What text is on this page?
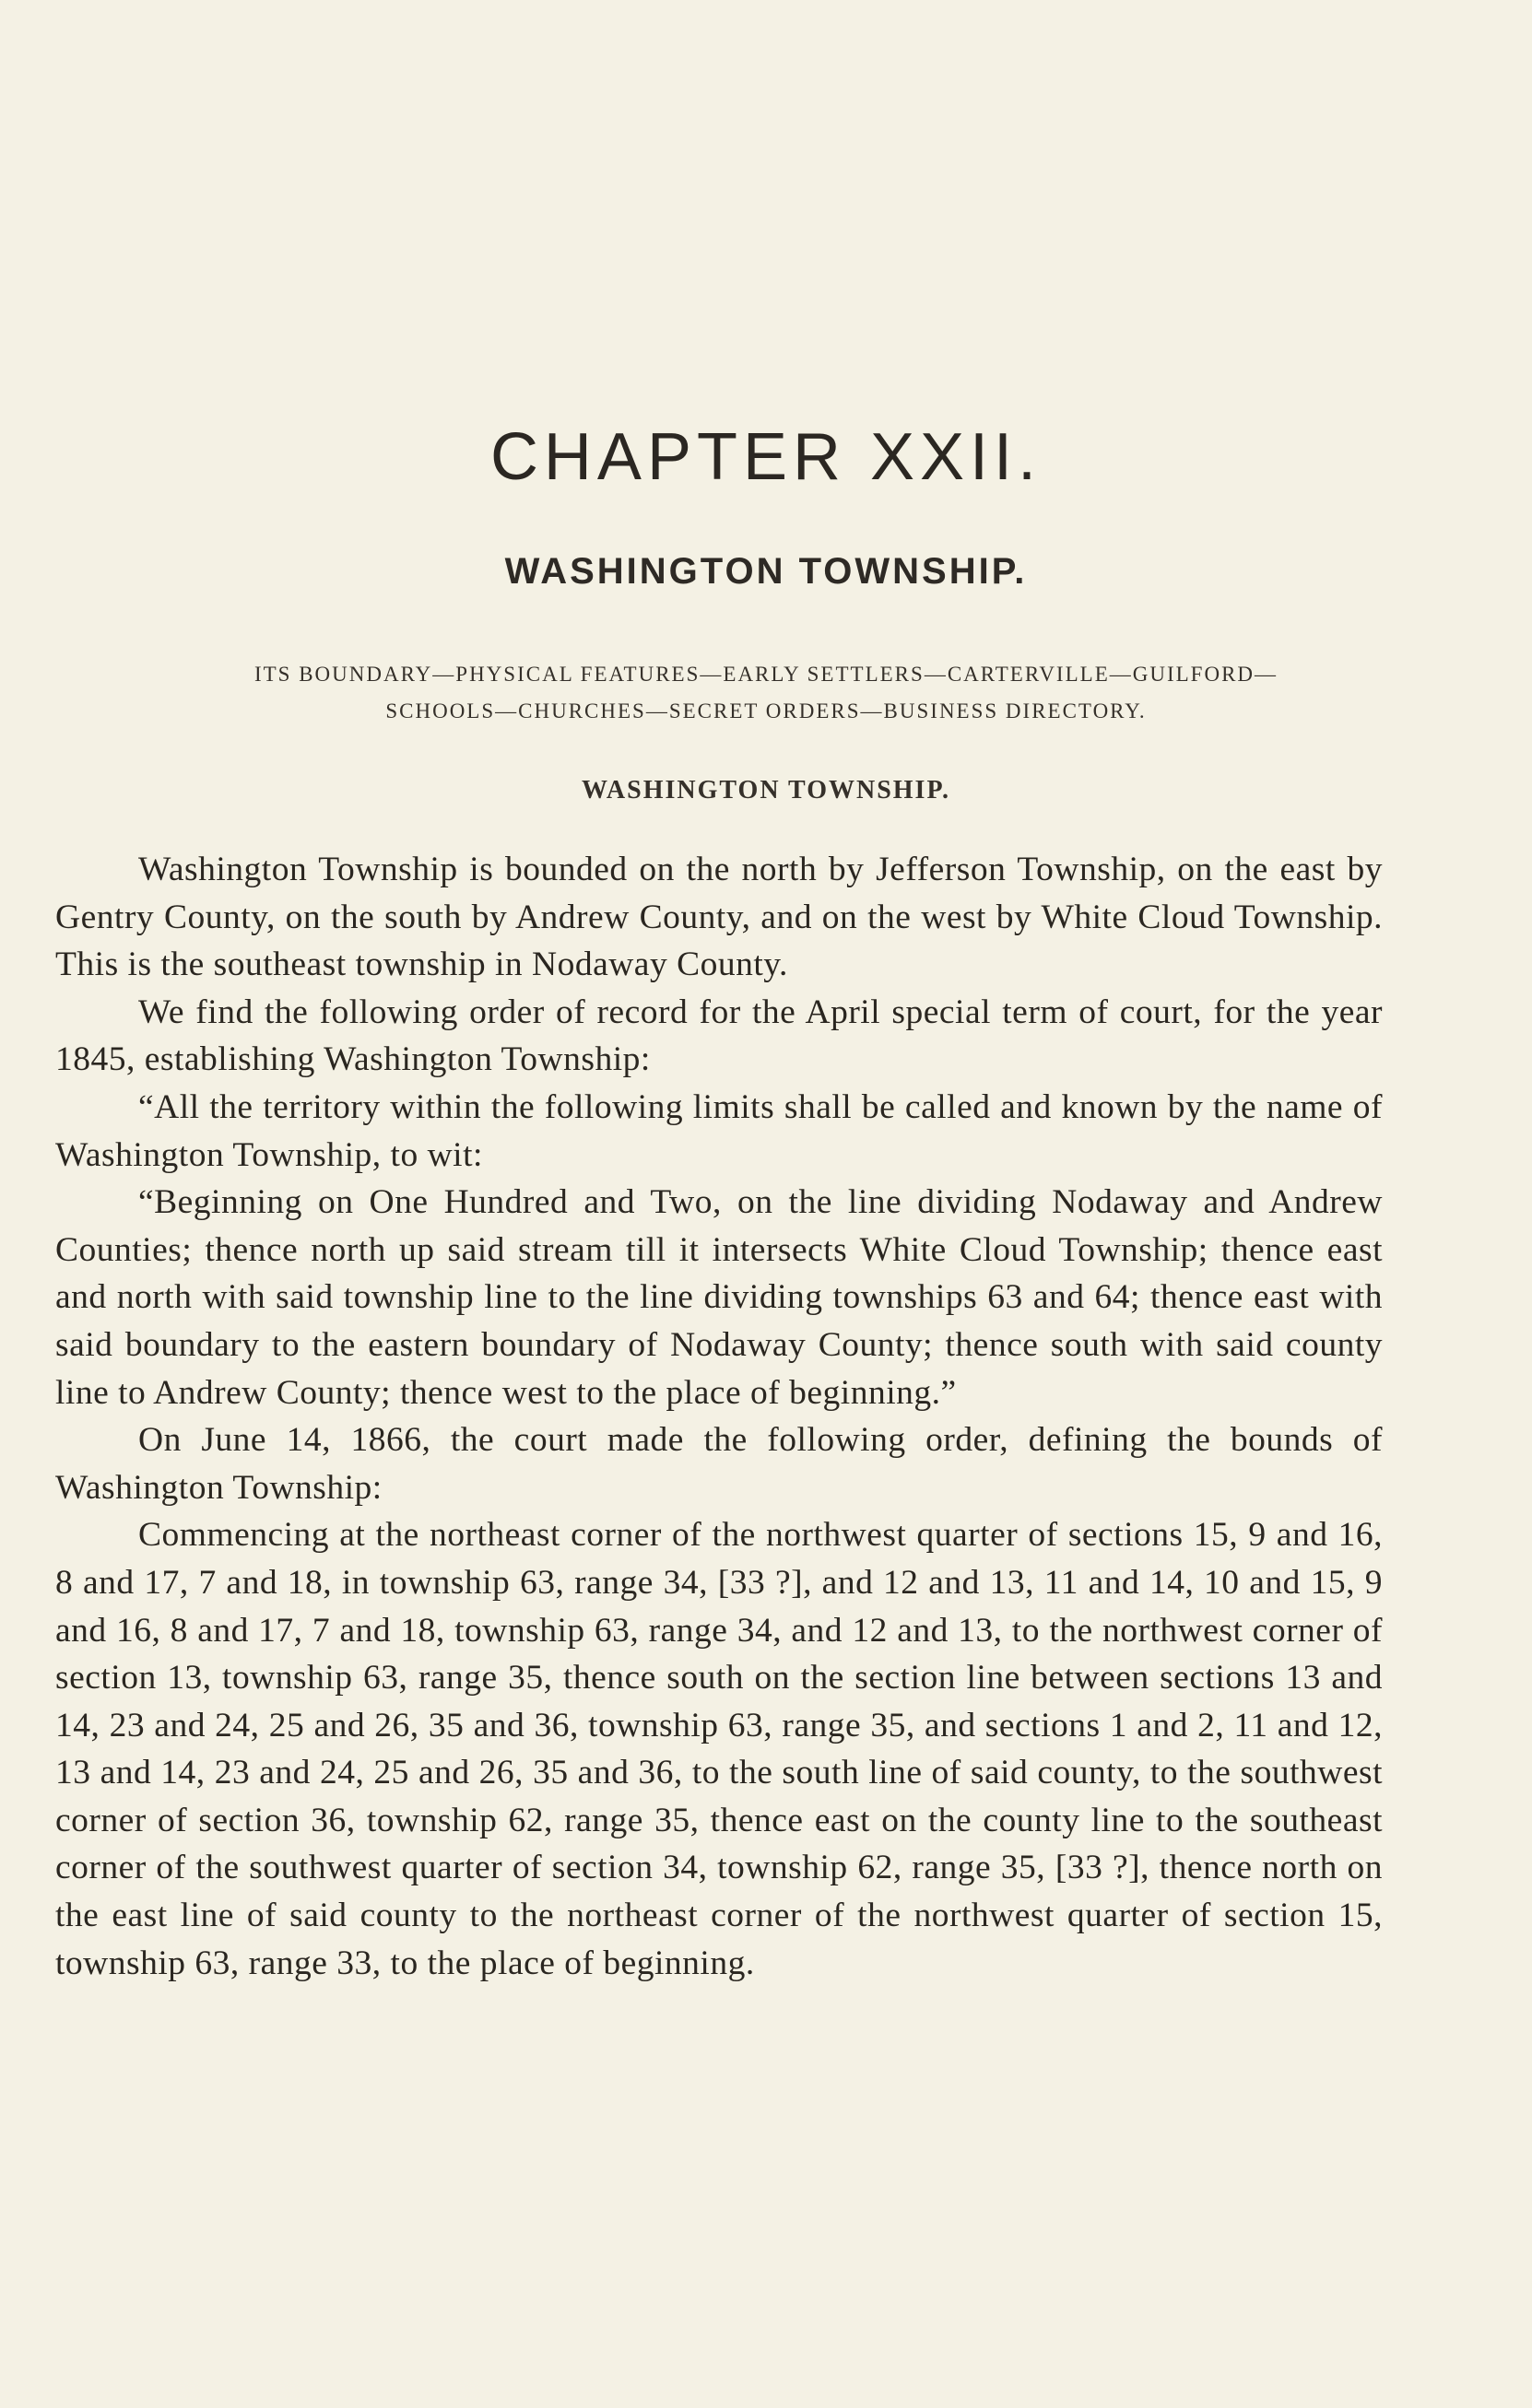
CHAPTER XXII.
WASHINGTON TOWNSHIP.
ITS BOUNDARY—PHYSICAL FEATURES—EARLY SETTLERS—CARTERVILLE—GUILFORD—
SCHOOLS—CHURCHES—SECRET ORDERS—BUSINESS DIRECTORY.
WASHINGTON TOWNSHIP.

Washington Township is bounded on the north by Jefferson Township, on the east by Gentry County, on the south by Andrew County, and on the west by White Cloud Township. This is the southeast township in Nodaway County.

We find the following order of record for the April special term of court, for the year 1845, establishing Washington Township:

“All the territory within the following limits shall be called and known by the name of Washington Township, to wit:

“Beginning on One Hundred and Two, on the line dividing Nodaway and Andrew Counties; thence north up said stream till it intersects White Cloud Township; thence east and north with said township line to the line dividing townships 63 and 64; thence east with said boundary to the eastern boundary of Nodaway County; thence south with said county line to Andrew County; thence west to the place of beginning.”

On June 14, 1866, the court made the following order, defining the bounds of Washington Township:

Commencing at the northeast corner of the northwest quarter of sections 15, 9 and 16, 8 and 17, 7 and 18, in township 63, range 34, [33 ?], and 12 and 13, 11 and 14, 10 and 15, 9 and 16, 8 and 17, 7 and 18, township 63, range 34, and 12 and 13, to the northwest corner of section 13, township 63, range 35, thence south on the section line between sections 13 and 14, 23 and 24, 25 and 26, 35 and 36, township 63, range 35, and sections 1 and 2, 11 and 12, 13 and 14, 23 and 24, 25 and 26, 35 and 36, to the south line of said county, to the southwest corner of section 36, township 62, range 35, thence east on the county line to the southeast corner of the southwest quarter of section 34, township 62, range 35, [33 ?], thence north on the east line of said county to the northeast corner of the northwest quarter of section 15, township 63, range 33, to the place of beginning.
